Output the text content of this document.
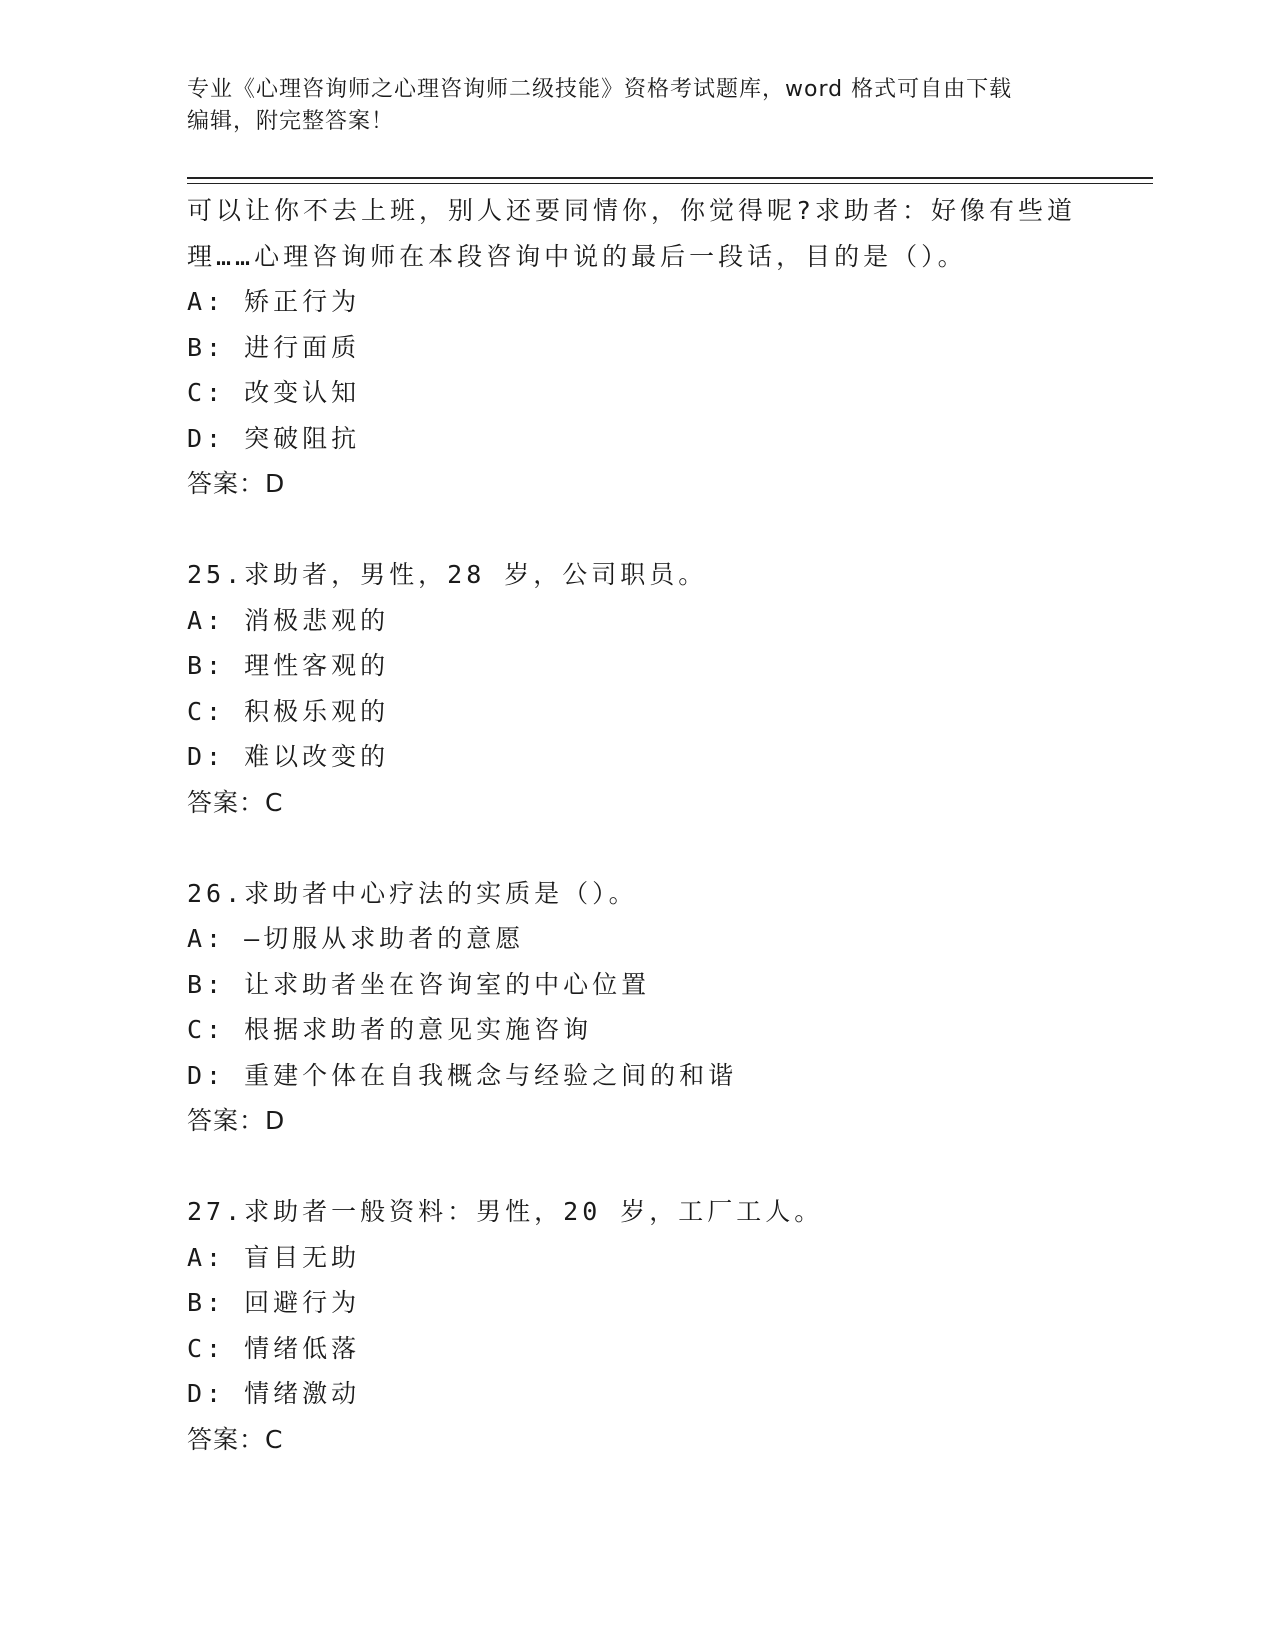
专业《心理咨询师之心理咨询师二级技能》资格考试题库，word 格式可自由下载
编辑，附完整答案！

可以让你不去上班，别人还要同情你，你觉得呢?求助者：好像有些道

理……心理咨询师在本段咨询中说的最后一段话，目的是（）。

A: 矫正行为

B: 进行面质

C: 改变认知

D: 突破阻抗

答案：D

25.求助者，男性，28 岁，公司职员。

A: 消极悲观的

B: 理性客观的

C: 积极乐观的

D: 难以改变的

答案：C

26.求助者中心疗法的实质是（）。

A: —切服从求助者的意愿

B: 让求助者坐在咨询室的中心位置

C: 根据求助者的意见实施咨询

D: 重建个体在自我概念与经验之间的和谐

答案：D

27.求助者一般资料：男性，20 岁，工厂工人。

A: 盲目无助

B: 回避行为

C: 情绪低落

D: 情绪激动

答案：C
